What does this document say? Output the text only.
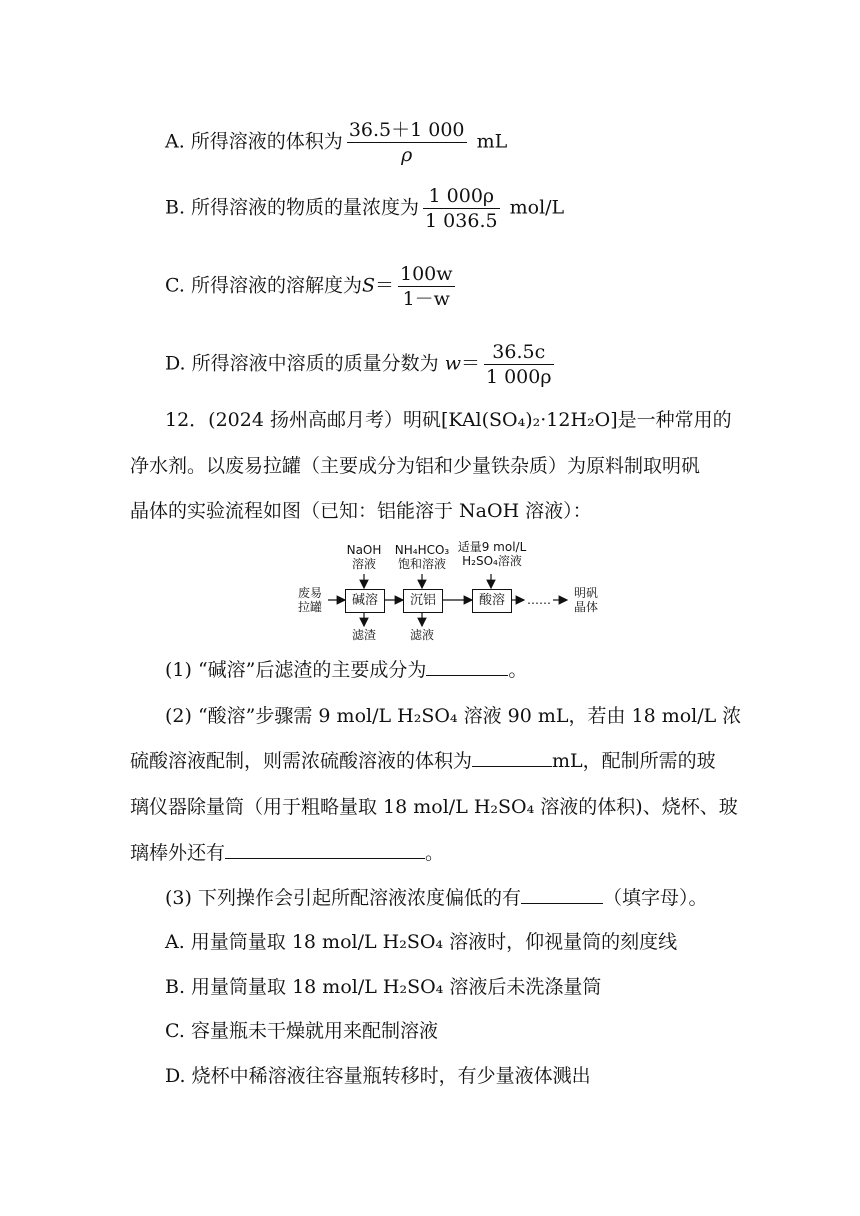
A. 所得溶液的体积为 $\frac{36.5+1 000}{\rho}$ mL
B. 所得溶液的物质的量浓度为 $\frac{1 000\rho}{1 036.5} mol/L$
C. 所得溶液的溶解度为$S= \frac{100w}{1-w}$
D. 所得溶液中溶质的质量分数为 $w= \frac{36.5c}{1 000\rho}$
12．(2024 扬州高邮月考）明矾[KAl(SO₄)₂·12H₂O]是一种常用的
净水剂。以废易拉罐（主要成分为铝和少量铁杂质）为原料制取明矾
晶体的实验流程如图（已知：铝能溶于 NaOH 溶液）：
废易
拉罐	碱溶	沉铝	酸溶	……	明矾
晶体
NaOH
溶液
NH₄HCO₃
饱和溶液
适量9 mol/L
H₂SO₄溶液
滤渣	滤液
(1) “碱溶”后滤渣的主要成分为	。
(2) “酸溶”步骤需 9 mol/L H₂SO₄ 溶液 90 mL，若由 18 mol/L 浓
硫酸溶液配制，则需浓硫酸溶液的体积为	mL，配制所需的玻
璃仪器除量筒（用于粗略量取 18 mol/L H₂SO₄ 溶液的体积)、烧杯、玻
璃棒外还有	。
(3) 下列操作会引起所配溶液浓度偏低的有	（填字母）。
A. 用量筒量取 18 mol/L H₂SO₄ 溶液时，仰视量筒的刻度线
B. 用量筒量取 18 mol/L H₂SO₄ 溶液后未洗涤量筒
C. 容量瓶未干燥就用来配制溶液
D. 烧杯中稀溶液往容量瓶转移时，有少量液体溅出
